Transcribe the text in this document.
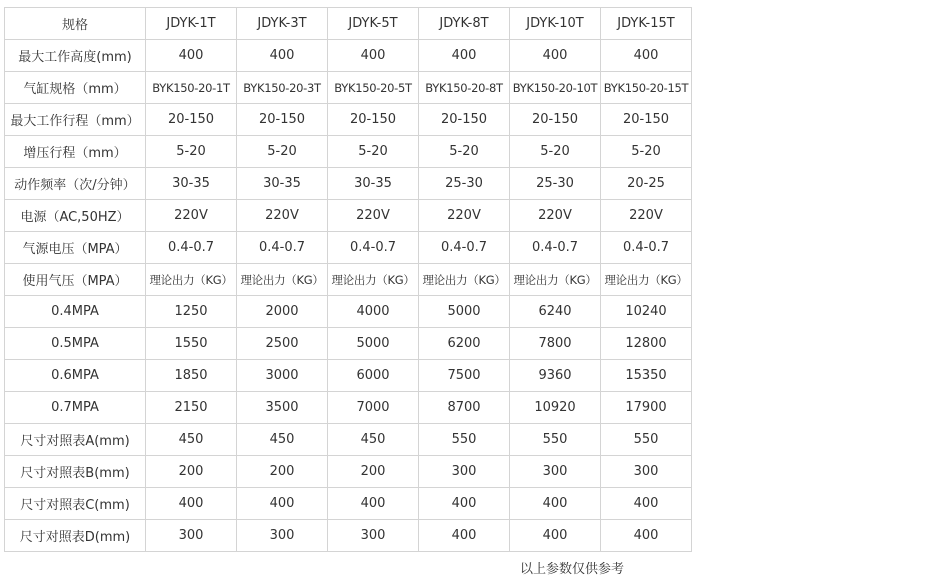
规格	JDYK-1T	JDYK-3T	JDYK-5T	JDYK-8T	JDYK-10T	JDYK-15T
最大工作高度(mm)	400	400	400	400	400	400
气缸规格（mm）	BYK150-20-1T	BYK150-20-3T	BYK150-20-5T	BYK150-20-8T	BYK150-20-10T	BYK150-20-15T
最大工作行程（mm）	20-150	20-150	20-150	20-150	20-150	20-150
增压行程（mm）	5-20	5-20	5-20	5-20	5-20	5-20
动作频率（次/分钟）	30-35	30-35	30-35	25-30	25-30	20-25
电源（AC,50HZ）	220V	220V	220V	220V	220V	220V
气源电压（MPA）	0.4-0.7	0.4-0.7	0.4-0.7	0.4-0.7	0.4-0.7	0.4-0.7
使用气压（MPA）	理论出力（KG）	理论出力（KG）	理论出力（KG）	理论出力（KG）	理论出力（KG）	理论出力（KG）
0.4MPA	1250	2000	4000	5000	6240	10240
0.5MPA	1550	2500	5000	6200	7800	12800
0.6MPA	1850	3000	6000	7500	9360	15350
0.7MPA	2150	3500	7000	8700	10920	17900
尺寸对照表A(mm)	450	450	450	550	550	550
尺寸对照表B(mm)	200	200	200	300	300	300
尺寸对照表C(mm)	400	400	400	400	400	400
尺寸对照表D(mm)	300	300	300	400	400	400
以上参数仅供参考
